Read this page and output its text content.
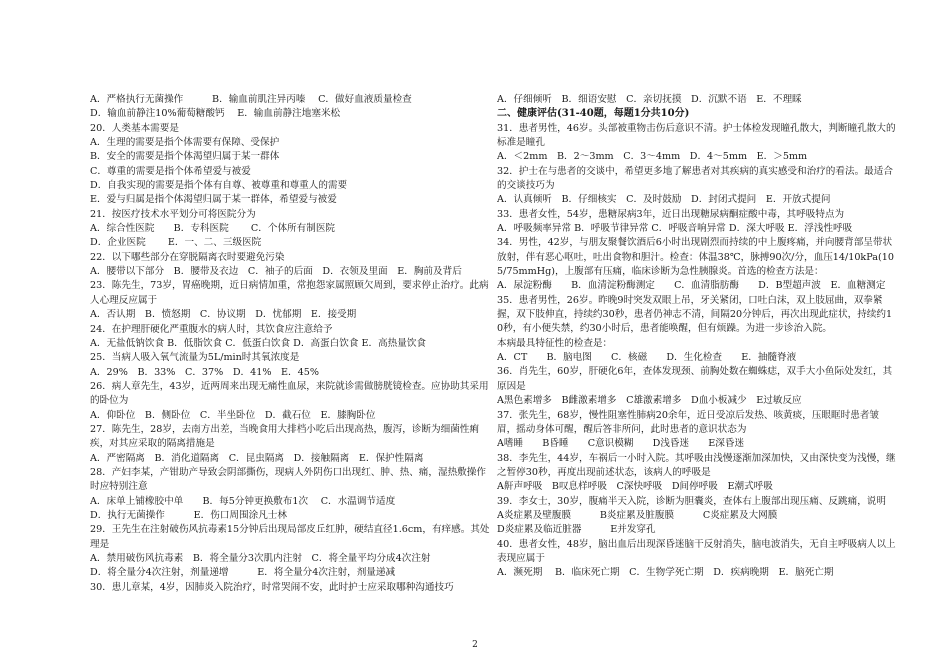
A．严格执行无菌操作　　　B．输血前肌注异丙嗪　 C．做好血液质量检查
D．输血前静注10%葡萄糖酸钙　 E．输血前静注地塞米松
20．人类基本需要是
A．生理的需要是指个体需要有保障、受保护
B．安全的需要是指个体渴望归属于某一群体
C．尊重的需要是指个体希望爱与被爱
D．自我实现的需要是指个体有自尊、被尊重和尊重人的需要
E．爱与归属是指个体渴望归属于某一群体，希望爱与被爱
21．按医疗技术水平划分可将医院分为
A．综合性医院　　B．专科医院　　 C．个体所有制医院
D．企业医院　　 E．一、二、三级医院
22．以下哪些部分在穿脱隔离衣时要避免污染
A．腰带以下部分　B．腰带及衣边　C．袖子的后面　D．衣领及里面　E．胸前及背后
23．陈先生，73岁，胃癌晚期，近日病情加重，常抱怨家属照顾欠周到，要求停止治疗。此病人心理反应属于
A．否认期　B．愤怒期　C．协议期　D．忧郁期　E．接受期
24．在护理肝硬化严重腹水的病人时，其饮食应注意给予
A．无盐低钠饮食 B．低脂饮食 C．低蛋白饮食 D．高蛋白饮食 E．高热量饮食
25．当病人吸入氧气流量为5L/min时其氧浓度是
A．29%　B．33%　C．37%　D．41%　E．45%
26．病人章先生，43岁，近两周来出现无痛性血尿，来院就诊需做膀胱镜检查。应协助其采用的卧位为
A．仰卧位　B．侧卧位　C．半坐卧位　D．截石位　E．膝胸卧位
27．陈先生，28岁，去南方出差，当晚食用大排档小吃后出现高热，腹泻，诊断为细菌性痢疾，对其应采取的隔离措施是
A．严密隔离　B．消化道隔离　C．昆虫隔离　D．接触隔离　E．保护性隔离
28．产妇李某，产钳助产导致会阴部撕伤，现病人外阴伤口出现红、肿、热、痛，湿热敷操作时应特别注意
A．床单上铺橡胶中单　　B．每5分钟更换敷布1次　 C．水温调节适度
D．执行无菌操作　　　E．伤口周围涂凡士林
29．王先生在注射破伤风抗毒素15分钟后出现局部皮丘红肿，硬结直径1.6cm，有痒感。其处理是
A．禁用破伤风抗毒素　B．将全量分3次肌内注射　C．将全量平均分成4次注射
D．将全量分4次注射，剂量递增　　　E．将全量分4次注射，剂量递减
30．患儿章某，4岁，因肺炎入院治疗，时常哭闹不安，此时护士应采取哪种沟通技巧
A．仔细倾听　B．细语安慰　C．亲切抚摸　D．沉默不语　E．不理睬
二、健康评估(31-40题，每题1分共10分)
31．患者男性，46岁。头部被重物击伤后意识不清。护士体检发现瞳孔散大，判断瞳孔散大的标准是瞳孔
A．＜2mm　B．2～3mm　C．3～4mm　D．4～5mm　E．＞5mm
32．护士在与患者的交谈中，希望更多地了解患者对其疾病的真实感受和治疗的看法。最适合的交谈技巧为
A．认真倾听　B．仔细核实　C．及时鼓励　D．封闭式提问　E．开放式提问
33．患者女性，54岁，患糖尿病3年，近日出现糖尿病酮症酸中毒，其呼吸特点为
A．呼吸频率异常 B．呼吸节律异常 C．呼吸音响异常 D．深大呼吸 E．浮浅性呼吸
34．男性，42岁，与朋友聚餐饮酒后6小时出现剧烈而持续的中上腹疼痛，并向腰背部呈带状放射，伴有恶心呕吐，吐出食物和胆汁。检查：体温38℃，脉搏90次/分，血压14/10kPa(105/75mmHg)，上腹部有压痛，临床诊断为急性胰腺炎。首选的检查方法是：
A．尿淀粉酶　　B．血清淀粉酶测定　　C．血清脂肪酶　　D．B型超声波　E．血糖测定
35．患者男性，26岁。昨晚9时突发双眼上吊，牙关紧闭，口吐白沫，双上肢屈曲，双拳紧握，双下肢伸直，持续约30秒，患者仍神志不清，间隔20分钟后，再次出现此症状，持续约10秒，有小便失禁，约30小时后，患者能唤醒，但有烦躁。为进一步诊治入院。
本病最具特征性的检查是：
A．CT　　B．脑电图　　C．核磁　　D．生化检查　　E．抽髓脊液
36．肖先生，60岁，肝硬化6年，查体发现颈、前胸处数在蜘蛛痣，双手大小鱼际处发红，其原因是
A黑色素增多　B雌激素增多　C雄激素增多　D血小板减少　E过敏反应
37．张先生，68岁，慢性阻塞性肺病20余年，近日受凉后发热、咳黄痰，压眼眶时患者皱眉，摇动身体可醒，醒后答非所问，此时患者的意识状态为
A嗜睡　　B昏睡　　C意识模糊　　D浅昏迷　　E深昏迷
38．李先生，44岁，车祸后一小时入院。其呼吸由浅慢逐渐加深加快，又由深快变为浅慢，继之暂停30秒，再度出现前述状态，该病人的呼吸是
A鼾声呼吸　B叹息样呼吸　C深快呼吸　D间停呼吸　E潮式呼吸
39．李女士，30岁，腹痛半天入院，诊断为胆囊炎，查体右上腹部出现压痛、反跳痛，说明
A炎症累及壁腹膜　　　B炎症累及脏腹膜　　　C炎症累及大网膜
D炎症累及临近脏器　　　E并发穿孔
40．患者女性，48岁，脑出血后出现深昏迷脑干反射消失，脑电波消失，无自主呼吸病人以上表现应属于
A．濒死期　 B．临床死亡期　C．生物学死亡期　D．疾病晚期　E．脑死亡期
2
